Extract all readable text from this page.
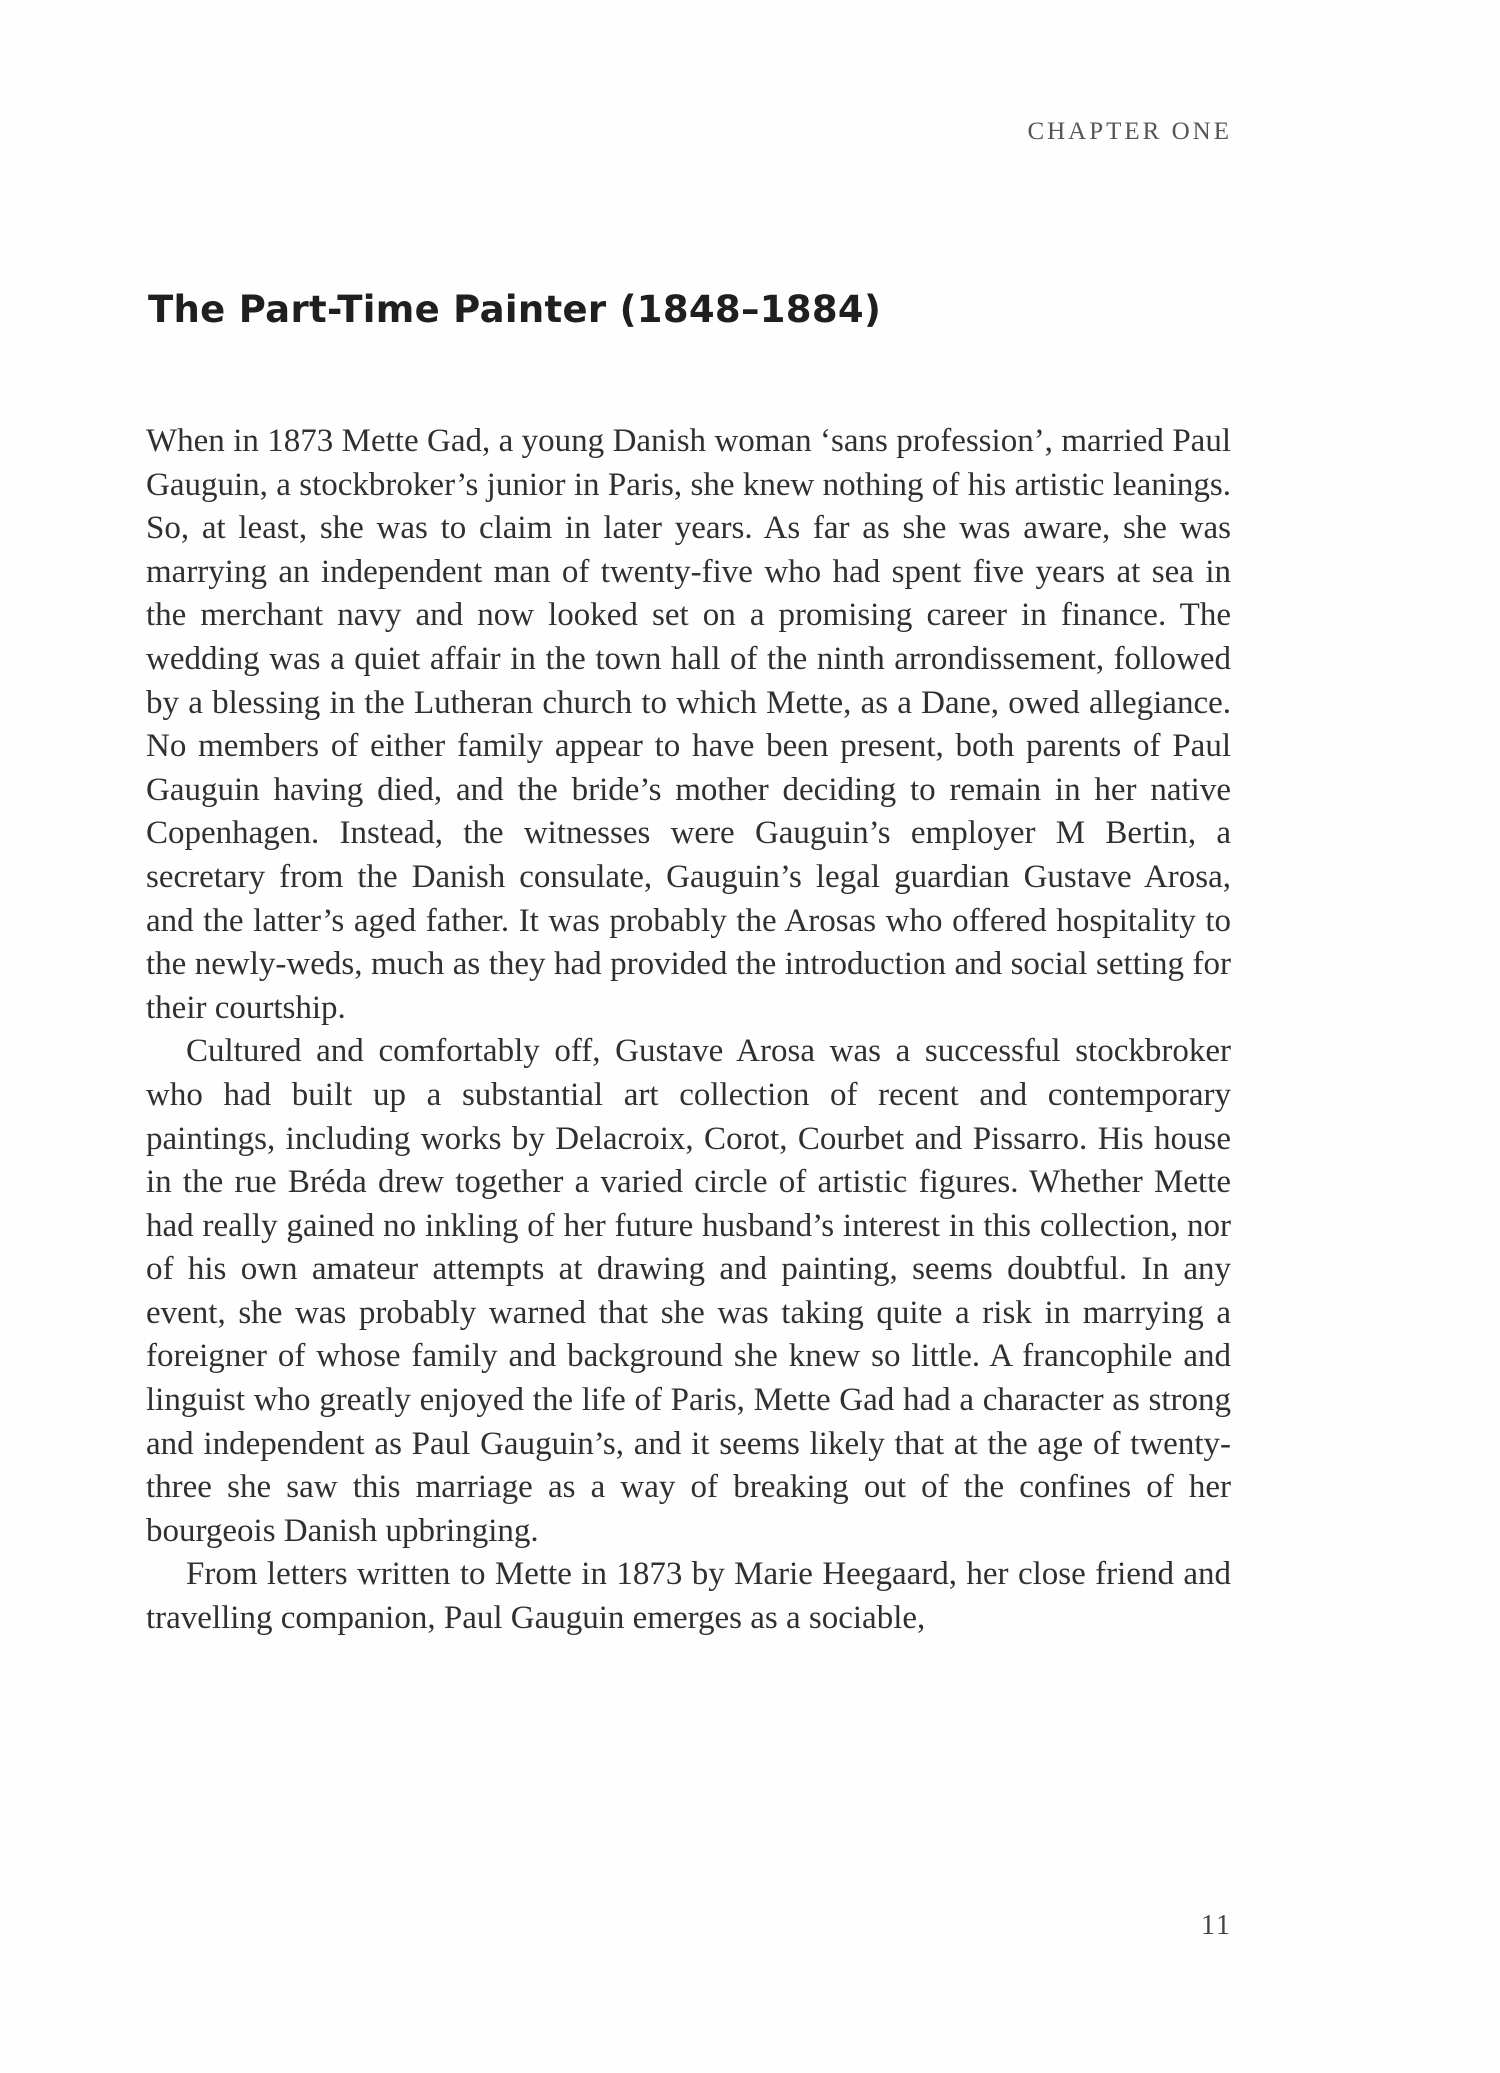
CHAPTER ONE
The Part-Time Painter (1848–1884)

When in 1873 Mette Gad, a young Danish woman ‘sans profession’, married Paul Gauguin, a stockbroker’s junior in Paris, she knew nothing of his artistic leanings. So, at least, she was to claim in later years. As far as she was aware, she was marrying an independent man of twenty-five who had spent five years at sea in the merchant navy and now looked set on a promising career in finance. The wedding was a quiet affair in the town hall of the ninth arrondissement, followed by a blessing in the Lutheran church to which Mette, as a Dane, owed allegiance. No members of either family appear to have been present, both parents of Paul Gauguin having died, and the bride’s mother deciding to remain in her native Copenhagen. Instead, the witnesses were Gauguin’s employer M Bertin, a secretary from the Danish consulate, Gauguin’s legal guardian Gustave Arosa, and the latter’s aged father. It was probably the Arosas who offered hospitality to the newly-weds, much as they had provided the introduction and social setting for their courtship.

Cultured and comfortably off, Gustave Arosa was a successful stockbroker who had built up a substantial art collection of recent and contemporary paintings, including works by Delacroix, Corot, Courbet and Pissarro. His house in the rue Bréda drew together a varied circle of artistic figures. Whether Mette had really gained no inkling of her future husband’s interest in this collection, nor of his own amateur attempts at drawing and painting, seems doubtful. In any event, she was probably warned that she was taking quite a risk in marrying a foreigner of whose family and background she knew so little. A francophile and linguist who greatly enjoyed the life of Paris, Mette Gad had a character as strong and independent as Paul Gauguin’s, and it seems likely that at the age of twenty-three she saw this marriage as a way of breaking out of the confines of her bourgeois Danish upbringing.

From letters written to Mette in 1873 by Marie Heegaard, her close friend and travelling companion, Paul Gauguin emerges as a sociable,

11
